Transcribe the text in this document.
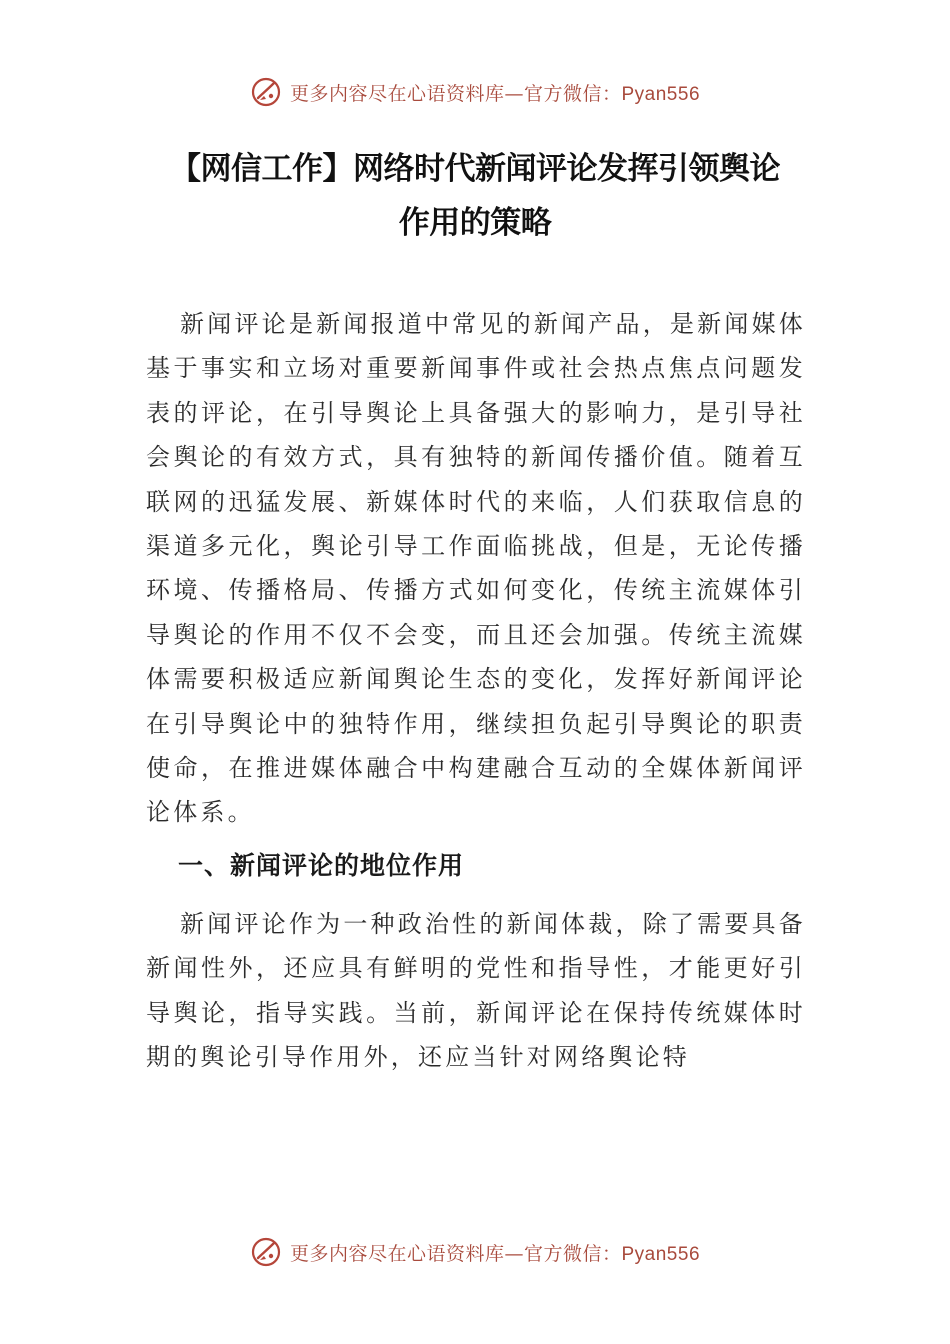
更多内容尽在心语资料库—官方微信：Pyan556
【网信工作】网络时代新闻评论发挥引领舆论
作用的策略

新闻评论是新闻报道中常见的新闻产品，是新闻媒体基于事实和立场对重要新闻事件或社会热点焦点问题发表的评论，在引导舆论上具备强大的影响力，是引导社会舆论的有效方式，具有独特的新闻传播价值。随着互联网的迅猛发展、新媒体时代的来临，人们获取信息的渠道多元化，舆论引导工作面临挑战，但是，无论传播环境、传播格局、传播方式如何变化，传统主流媒体引导舆论的作用不仅不会变，而且还会加强。传统主流媒体需要积极适应新闻舆论生态的变化，发挥好新闻评论在引导舆论中的独特作用，继续担负起引导舆论的职责使命，在推进媒体融合中构建融合互动的全媒体新闻评论体系。

一、新闻评论的地位作用

新闻评论作为一种政治性的新闻体裁，除了需要具备新闻性外，还应具有鲜明的党性和指导性，才能更好引导舆论，指导实践。当前，新闻评论在保持传统媒体时期的舆论引导作用外，还应当针对网络舆论特

更多内容尽在心语资料库—官方微信：Pyan556
